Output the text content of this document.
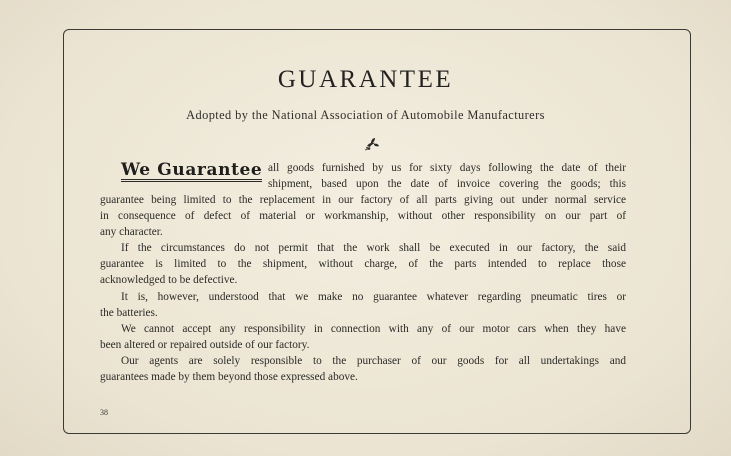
GUARANTEE
Adopted by the National Association of Automobile Manufacturers
We Guarantee all goods furnished by us for sixty days following the date of their
shipment, based upon the date of invoice covering the goods; this
guarantee being limited to the replacement in our factory of all parts giving out under normal service
in consequence of defect of material or workmanship, without other responsibility on our part of
any character.
If the circumstances do not permit that the work shall be executed in our factory, the said
guarantee is limited to the shipment, without charge, of the parts intended to replace those
acknowledged to be defective.
It is, however, understood that we make no guarantee whatever regarding pneumatic tires or
the batteries.
We cannot accept any responsibility in connection with any of our motor cars when they have
been altered or repaired outside of our factory.
Our agents are solely responsible to the purchaser of our goods for all undertakings and
guarantees made by them beyond those expressed above.
38
